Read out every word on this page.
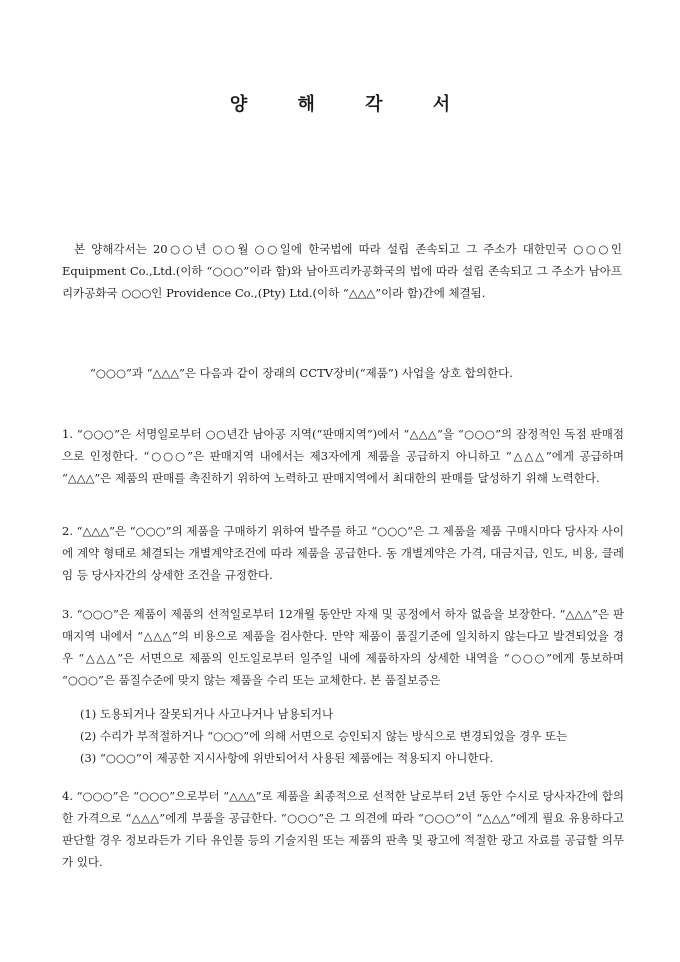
양 해 각 서

본 양해각서는 20○○년 ○○월 ○○일에 한국법에 따라 설립 존속되고 그 주소가 대한민국 ○○○인 Equipment Co.,Ltd.(이하 “○○○”이라 함)와 남아프리카공화국의 법에 따라 설립 존속되고 그 주소가 남아프리카공화국 ○○○인 Providence Co.,(Pty) Ltd.(이하 “△△△”이라 함)간에 체결됨.

“○○○”과 “△△△”은 다음과 같이 장래의 CCTV장비(“제품”) 사업을 상호 합의한다.

1. “○○○”은 서명일로부터 ○○년간 남아공 지역(“판매지역”)에서 “△△△”을 “○○○”의 잠정적인 독점 판매점으로 인정한다. “○○○”은 판매지역 내에서는 제3자에게 제품을 공급하지 아니하고 “△△△”에게 공급하며 “△△△”은 제품의 판매를 촉진하기 위하여 노력하고 판매지역에서 최대한의 판매를 달성하기 위해 노력한다.

2. “△△△”은 “○○○”의 제품을 구매하기 위하여 발주를 하고 “○○○”은 그 제품을 제품 구매시마다 당사자 사이에 계약 형태로 체결되는 개별계약조건에 따라 제품을 공급한다. 동 개별계약은 가격, 대금지급, 인도, 비용, 클레임 등 당사자간의 상세한 조건을 규정한다.

3. “○○○”은 제품이 제품의 선적일로부터 12개월 동안만 자재 및 공정에서 하자 없음을 보장한다. “△△△”은 판매지역 내에서 “△△△”의 비용으로 제품을 검사한다. 만약 제품이 품질기준에 일치하지 않는다고 발견되었을 경우 “△△△”은 서면으로 제품의 인도일로부터 일주일 내에 제품하자의 상세한 내역을 “○○○”에게 통보하며 “○○○”은 품질수준에 맞지 않는 제품을 수리 또는 교체한다. 본 품질보증은

(1) 도용되거나 잘못되거나 사고나거나 남용되거나

(2) 수리가 부적절하거나 “○○○”에 의해 서면으로 승인되지 않는 방식으로 변경되었을 경우 또는

(3) “○○○”이 제공한 지시사항에 위반되어서 사용된 제품에는 적용되지 아니한다.

4. “○○○”은 “○○○”으로부터 “△△△”로 제품을 최종적으로 선적한 날로부터 2년 동안 수시로 당사자간에 합의한 가격으로 “△△△”에게 부품을 공급한다. “○○○”은 그 의견에 따라 “○○○”이 “△△△”에게 필요 유용하다고 판단할 경우 정보라든가 기타 유인물 등의 기술지원 또는 제품의 판촉 및 광고에 적절한 광고 자료를 공급할 의무가 있다.
